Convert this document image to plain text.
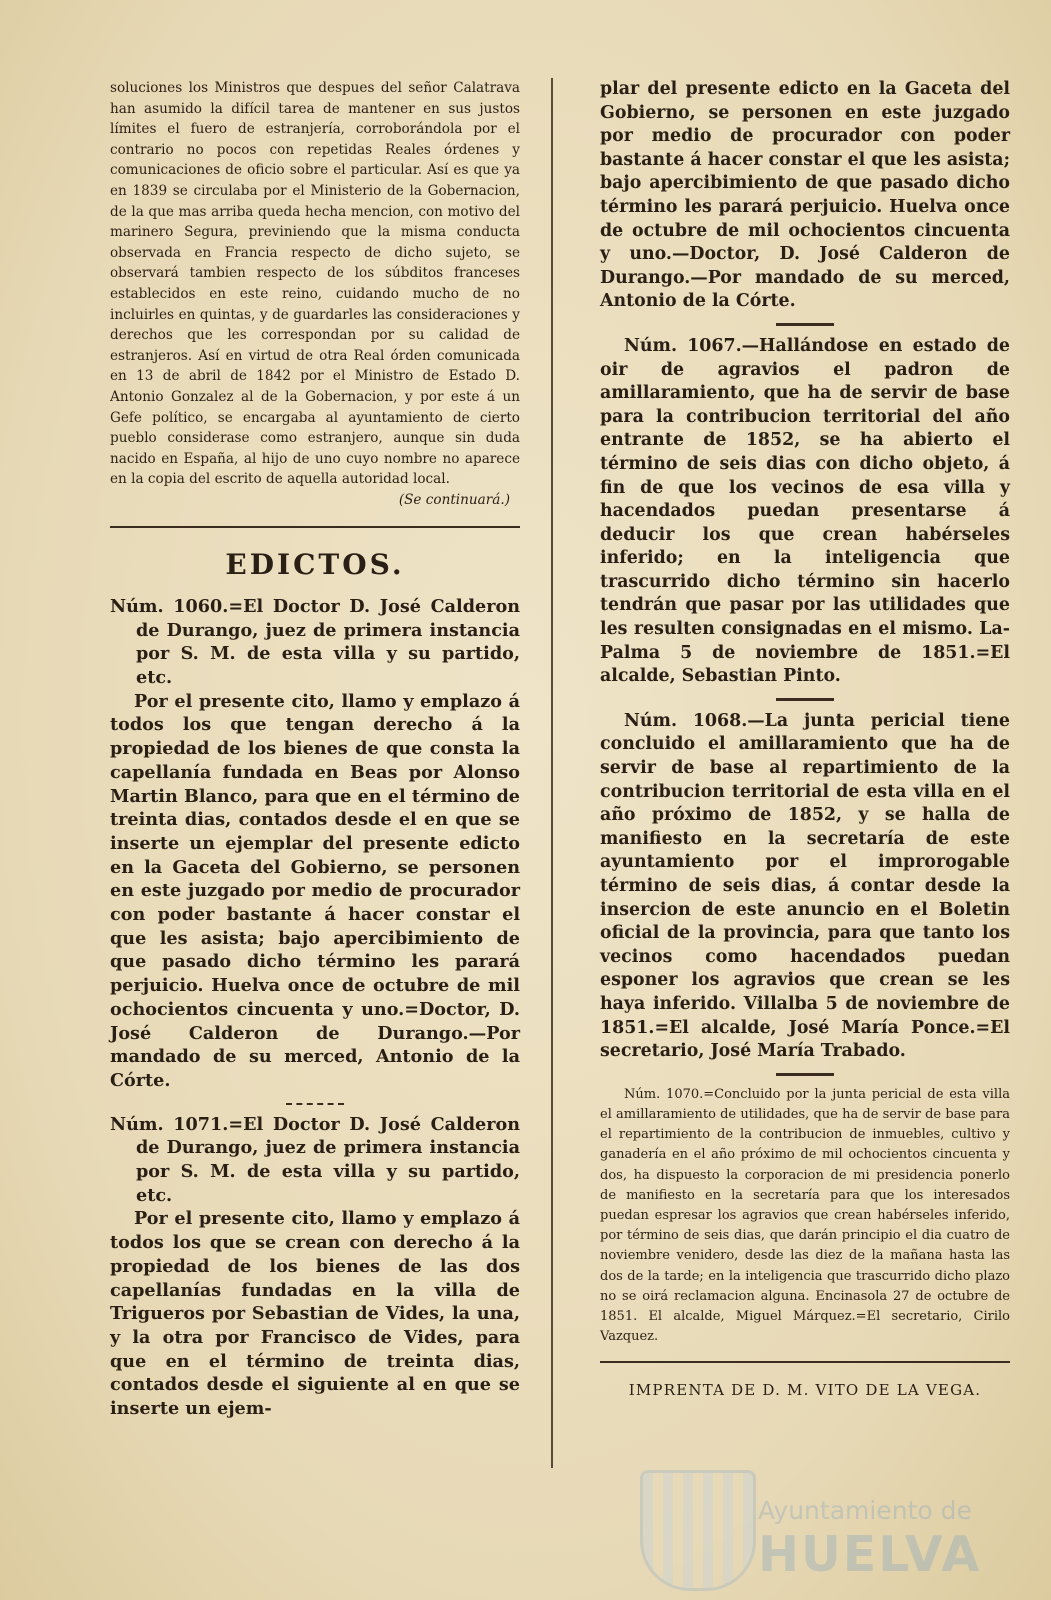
soluciones los Ministros que despues del señor Calatrava han asumido la difícil tarea de mantener en sus justos límites el fuero de estranjería, corroborándola por el contrario no pocos con repetidas Reales órdenes y comunicaciones de oficio sobre el particular. Así es que ya en 1839 se circulaba por el Ministerio de la Gobernacion, de la que mas arriba queda hecha mencion, con motivo del marinero Segura, previniendo que la misma conducta observada en Francia respecto de dicho sujeto, se observará tambien respecto de los súbditos franceses establecidos en este reino, cuidando mucho de no incluirles en quintas, y de guardarles las consideraciones y derechos que les correspondan por su calidad de estranjeros. Así en virtud de otra Real órden comunicada en 13 de abril de 1842 por el Ministro de Estado D. Antonio Gonzalez al de la Gobernacion, y por este á un Gefe político, se encargaba al ayuntamiento de cierto pueblo considerase como estranjero, aunque sin duda nacido en España, al hijo de uno cuyo nombre no aparece en la copia del escrito de aquella autoridad local.

(Se continuará.)

EDICTOS.

Núm. 1060.=El Doctor D. José Calderon de Durango, juez de primera instancia por S. M. de esta villa y su partido, etc.

Por el presente cito, llamo y emplazo á todos los que tengan derecho á la propiedad de los bienes de que consta la capellanía fundada en Beas por Alonso Martin Blanco, para que en el término de treinta dias, contados desde el en que se inserte un ejemplar del presente edicto en la Gaceta del Gobierno, se personen en este juzgado por medio de procurador con poder bastante á hacer constar el que les asista; bajo apercibimiento de que pasado dicho término les parará perjuicio. Huelva once de octubre de mil ochocientos cincuenta y uno.=Doctor, D. José Calderon de Durango.—Por mandado de su merced, Antonio de la Córte.

Núm. 1071.=El Doctor D. José Calderon de Durango, juez de primera instancia por S. M. de esta villa y su partido, etc.

Por el presente cito, llamo y emplazo á todos los que se crean con derecho á la propiedad de los bienes de las dos capellanías fundadas en la villa de Trigueros por Sebastian de Vides, la una, y la otra por Francisco de Vides, para que en el término de treinta dias, contados desde el siguiente al en que se inserte un ejem-

plar del presente edicto en la Gaceta del Gobierno, se personen en este juzgado por medio de procurador con poder bastante á hacer constar el que les asista; bajo apercibimiento de que pasado dicho término les parará perjuicio. Huelva once de octubre de mil ochocientos cincuenta y uno.—Doctor, D. José Calderon de Durango.—Por mandado de su merced, Antonio de la Córte.

Núm. 1067.—Hallándose en estado de oir de agravios el padron de amillaramiento, que ha de servir de base para la contribucion territorial del año entrante de 1852, se ha abierto el término de seis dias con dicho objeto, á fin de que los vecinos de esa villa y hacendados puedan presentarse á deducir los que crean habérseles inferido; en la inteligencia que trascurrido dicho término sin hacerlo tendrán que pasar por las utilidades que les resulten consignadas en el mismo. La-Palma 5 de noviembre de 1851.=El alcalde, Sebastian Pinto.

Núm. 1068.—La junta pericial tiene concluido el amillaramiento que ha de servir de base al repartimiento de la contribucion territorial de esta villa en el año próximo de 1852, y se halla de manifiesto en la secretaría de este ayuntamiento por el improrogable término de seis dias, á contar desde la insercion de este anuncio en el Boletin oficial de la provincia, para que tanto los vecinos como hacendados puedan esponer los agravios que crean se les haya inferido. Villalba 5 de noviembre de 1851.=El alcalde, José María Ponce.=El secretario, José María Trabado.

Núm. 1070.=Concluido por la junta pericial de esta villa el amillaramiento de utilidades, que ha de servir de base para el repartimiento de la contribucion de inmuebles, cultivo y ganadería en el año próximo de mil ochocientos cincuenta y dos, ha dispuesto la corporacion de mi presidencia ponerlo de manifiesto en la secretaría para que los interesados puedan espresar los agravios que crean habérseles inferido, por término de seis dias, que darán principio el dia cuatro de noviembre venidero, desde las diez de la mañana hasta las dos de la tarde; en la inteligencia que trascurrido dicho plazo no se oirá reclamacion alguna. Encinasola 27 de octubre de 1851. El alcalde, Miguel Márquez.=El secretario, Cirilo Vazquez.

IMPRENTA DE D. M. VITO DE LA VEGA.
Ayuntamiento de
HUELVA
